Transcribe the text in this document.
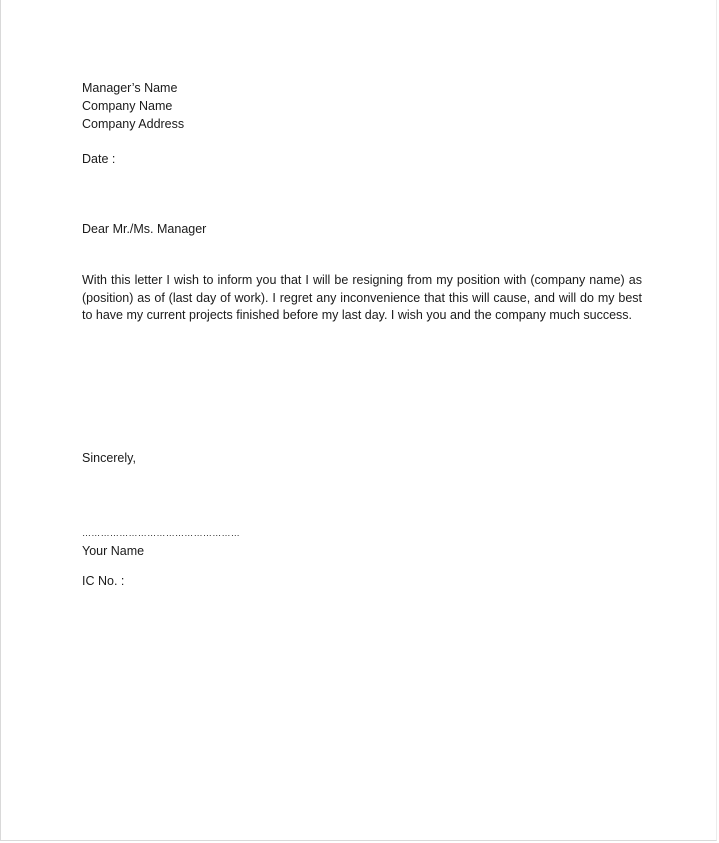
Manager’s Name
Company Name
Company Address
Date :
Dear Mr./Ms. Manager
With this letter I wish to inform you that I will be resigning from my position with (company name) as (position) as of (last day of work). I regret any inconvenience that this will cause, and will do my best to have my current projects finished before my last day. I wish you and the company much success.
Sincerely,
……………………………………………
Your Name
IC No. :
